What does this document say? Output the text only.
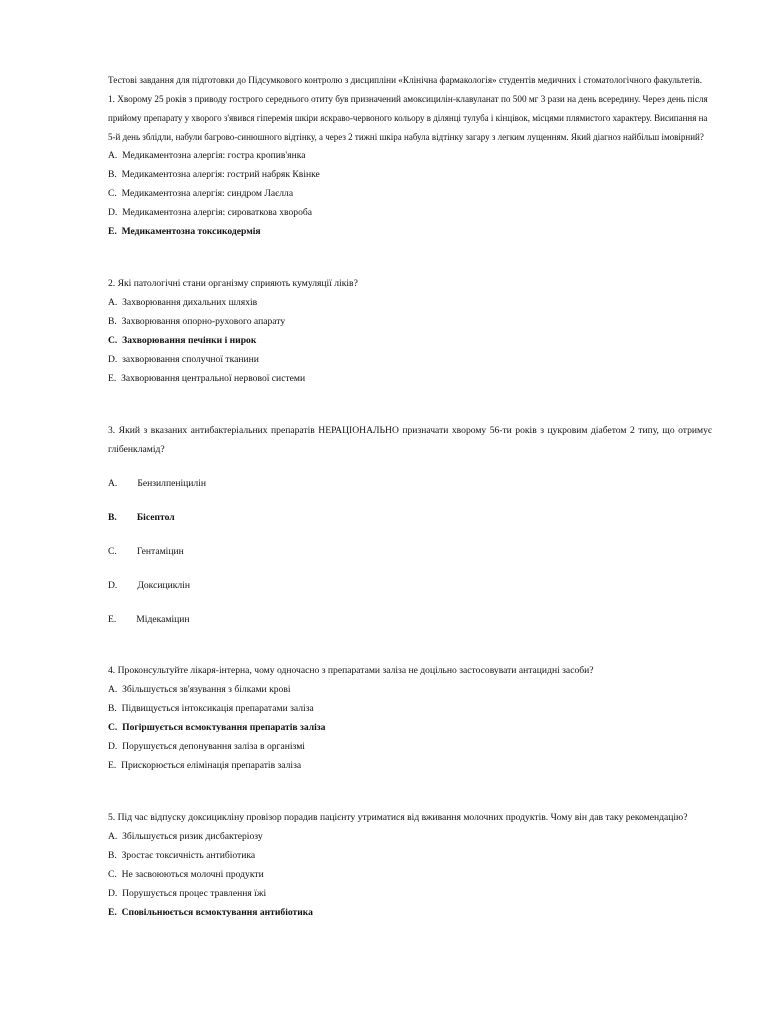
Тестові завдання для підготовки до Підсумкового контролю з дисципліни «Клінічна фармакологія» студентів медичних і стоматологічного факультетів.
1. Хворому 25 років з приводу гострого середнього отиту був призначений амоксицилін-клавуланат по 500 мг 3 рази на день всередину. Через день після
прийому препарату у хворого з'явився гіперемія шкіри яскраво-червоного кольору в ділянці тулуба і кінцівок, місцями плямистого характеру. Висипання на
5-й день зблідли, набули багрово-синюшного відтінку, а через 2 тижні шкіра набула відтінку загару з легким лущенням. Який діагноз найбільш імовірний?
A. Медикаментозна алергія: гостра кропив'янка
B. Медикаментозна алергія: гострий набряк Квінке
C. Медикаментозна алергія: синдром Лаєлла
D. Медикаментозна алергія: сироваткова хвороба
E. Медикаментозна токсикодермія
2. Які патологічні стани організму сприяють кумуляції ліків?
A. Захворювання дихальних шляхів
B. Захворювання опорно-рухового апарату
C. Захворювання печінки і нирок
D. захворювання сполучної тканини
E. Захворювання центральної нервової системи
3. Який з вказаних антибактеріальних препаратів НЕРАЦІОНАЛЬНО призначати хворому 56-ти років з цукровим діабетом 2 типу, що отримує
глібенкламід?
A. Бензилпеніцилін
B. Бісептол
C. Гентаміцин
D. Доксициклін
E. Мідекаміцин
4. Проконсультуйте лікаря-інтерна, чому одночасно з препаратами заліза не доцільно застосовувати антацидні засоби?
A. Збільшується зв'язування з білками крові
B. Підвищується інтоксикація препаратами заліза
C. Погіршується всмоктування препаратів заліза
D. Порушується депонування заліза в організмі
E. Прискорюється елімінація препаратів заліза
5. Під час відпуску доксицикліну провізор порадив пацієнту утриматися від вживання молочних продуктів. Чому він дав таку рекомендацію?
A. Збільшується ризик дисбактеріозу
B. Зростає токсичність антибіотика
C. Не засвоюються молочні продукти
D. Порушується процес травлення їжі
E. Сповільнюється всмоктування антибіотика
